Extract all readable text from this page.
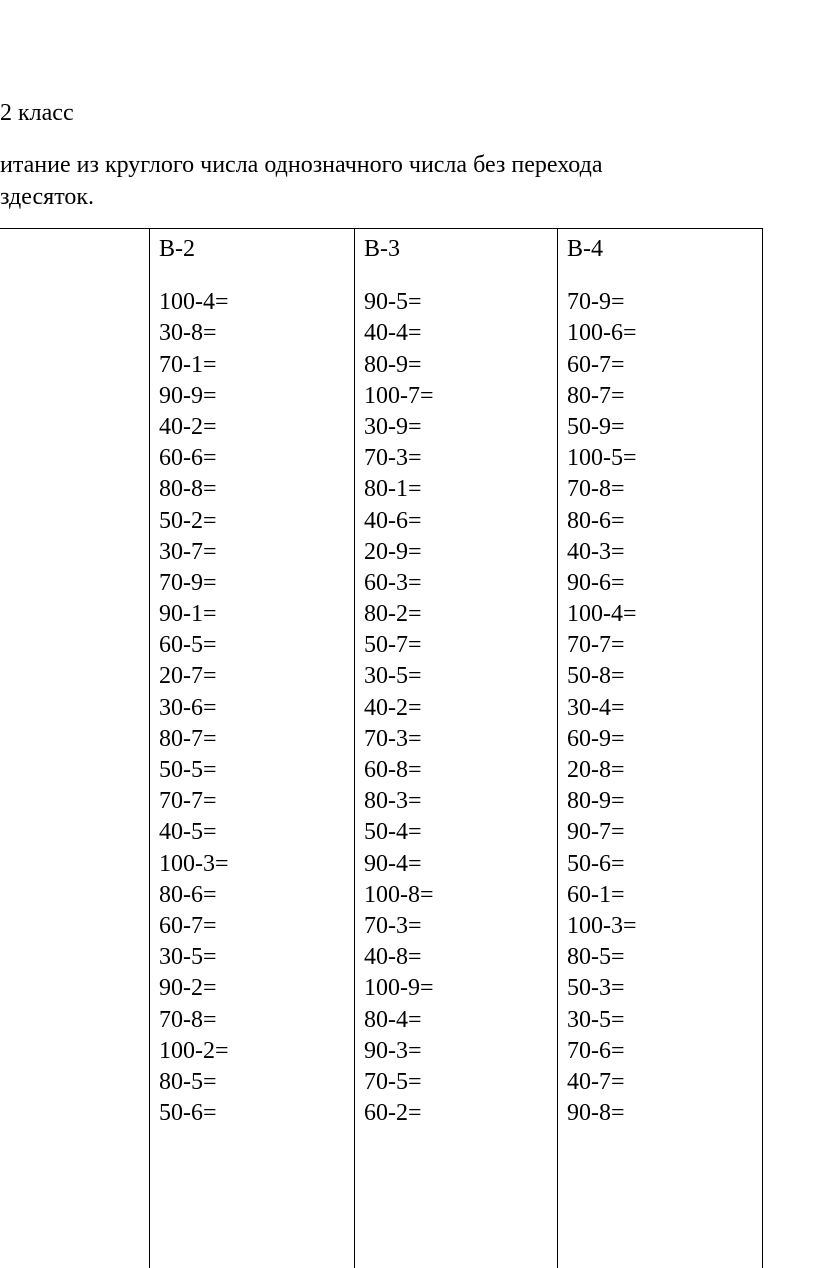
2 класс
итание из круглого числа однозначного числа без перехода
здесяток.
В-2
100-4=
30-8=
70-1=
90-9=
40-2=
60-6=
80-8=
50-2=
30-7=
70-9=
90-1=
60-5=
20-7=
30-6=
80-7=
50-5=
70-7=
40-5=
100-3=
80-6=
60-7=
30-5=
90-2=
70-8=
100-2=
80-5=
50-6=
В-3
90-5=
40-4=
80-9=
100-7=
30-9=
70-3=
80-1=
40-6=
20-9=
60-3=
80-2=
50-7=
30-5=
40-2=
70-3=
60-8=
80-3=
50-4=
90-4=
100-8=
70-3=
40-8=
100-9=
80-4=
90-3=
70-5=
60-2=
В-4
70-9=
100-6=
60-7=
80-7=
50-9=
100-5=
70-8=
80-6=
40-3=
90-6=
100-4=
70-7=
50-8=
30-4=
60-9=
20-8=
80-9=
90-7=
50-6=
60-1=
100-3=
80-5=
50-3=
30-5=
70-6=
40-7=
90-8=
